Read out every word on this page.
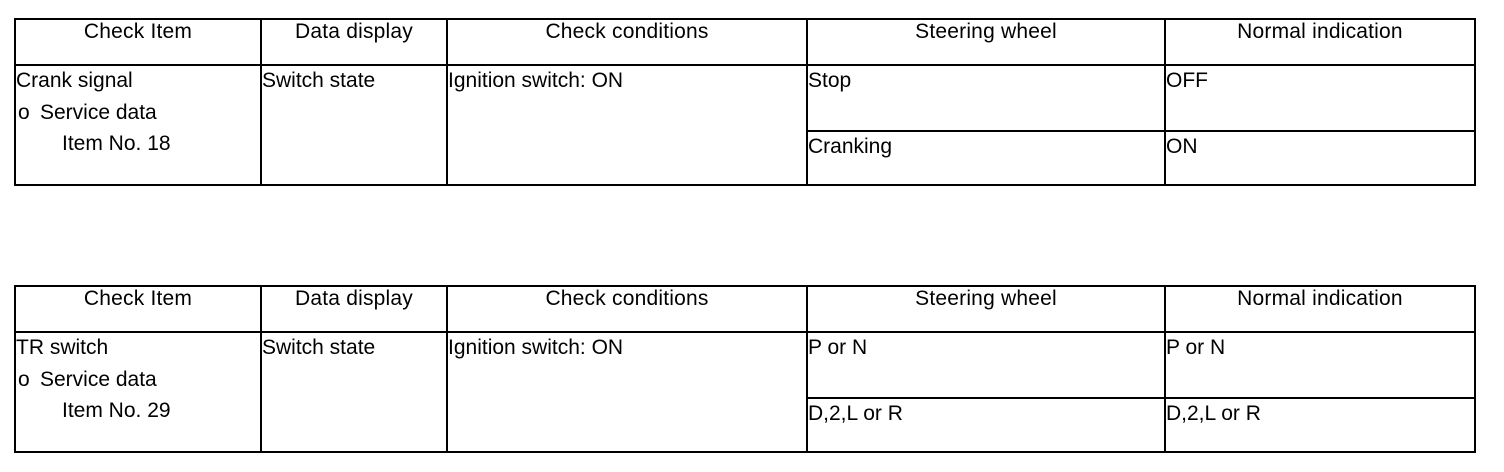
Check Item	Data display	Check conditions	Steering wheel	Normal indication

Crank signal
o Service data
Item No. 18	Switch state	Ignition switch: ON	Stop	OFF
			Cranking	ON
Check Item	Data display	Check conditions	Steering wheel	Normal indication

TR switch
o Service data
Item No. 29	Switch state	Ignition switch: ON	P or N	P or N
			D,2,L or R	D,2,L or R
